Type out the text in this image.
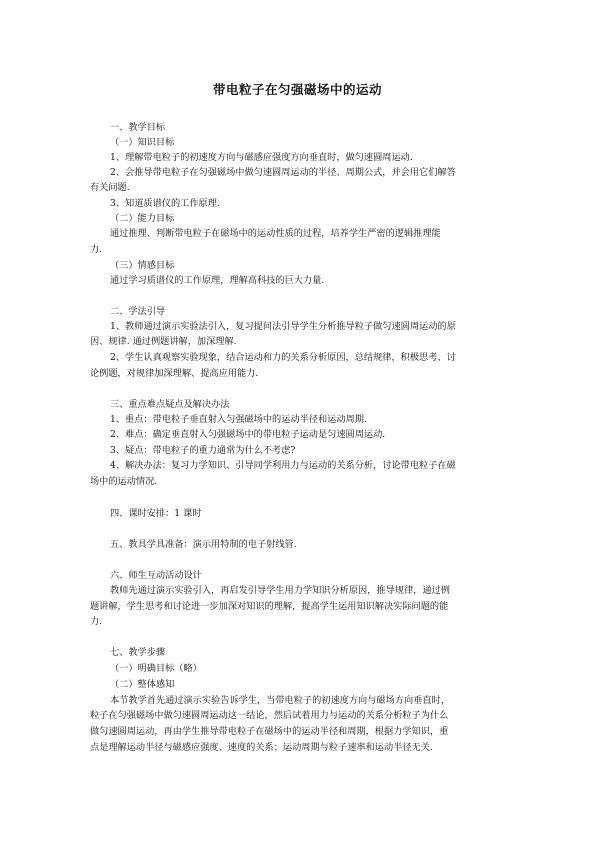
带电粒子在匀强磁场中的运动
一、教学目标
（一）知识目标
1、理解带电粒子的初速度方向与磁感应强度方向垂直时，做匀速圆周运动.
2、会推导带电粒子在匀强磁场中做匀速圆周运动的半径、周期公式，并会用它们解答
有关问题.
3、知道质谱仪的工作原理.
（二）能力目标
通过推理、判断带电粒子在磁场中的运动性质的过程，培养学生严密的逻辑推理能
力.
（三）情感目标
通过学习质谱仪的工作原理，理解高科技的巨大力量.
二、学法引导
1、教师通过演示实验法引入，复习提问法引导学生分析推导粒子做匀速圆周运动的原
因、规律. 通过例题讲解，加深理解.
2、学生认真观察实验现象，结合运动和力的关系分析原因，总结规律，积极思考、讨
论例题，对规律加深理解、提高应用能力.
三、重点难点疑点及解决办法
1、重点：带电粒子垂直射入匀强磁场中的运动半径和运动周期.
2、难点：确定垂直射入匀强磁场中的带电粒子运动是匀速圆周运动.
3、疑点：带电粒子的重力通常为什么不考虑?
4、解决办法：复习力学知识、引导同学利用力与运动的关系分析，讨论带电粒子在磁
场中的运动情况.
四、课时安排：1 课时
五、教具学具准备：演示用特制的电子射线管.
六、师生互动活动设计
教师先通过演示实验引入，再启发引导学生用力学知识分析原因，推导规律，通过例
题讲解，学生思考和讨论进一步加深对知识的理解，提高学生运用知识解决实际问题的能
力.
七、教学步骤
（一）明确目标（略）
（二）整体感知
本节教学首先通过演示实验告诉学生，当带电粒子的初速度方向与磁场方向垂直时，
粒子在匀强磁场中做匀速圆周运动这一结论，然后试着用力与运动的关系分析粒子为什么
做匀速圆周运动，再由学生推导带电粒子在磁场中的运动半径和周期，根据力学知识，重
点是理解运动半径与磁感应强度、速度的关系；运动周期与粒子速率和运动半径无关.
